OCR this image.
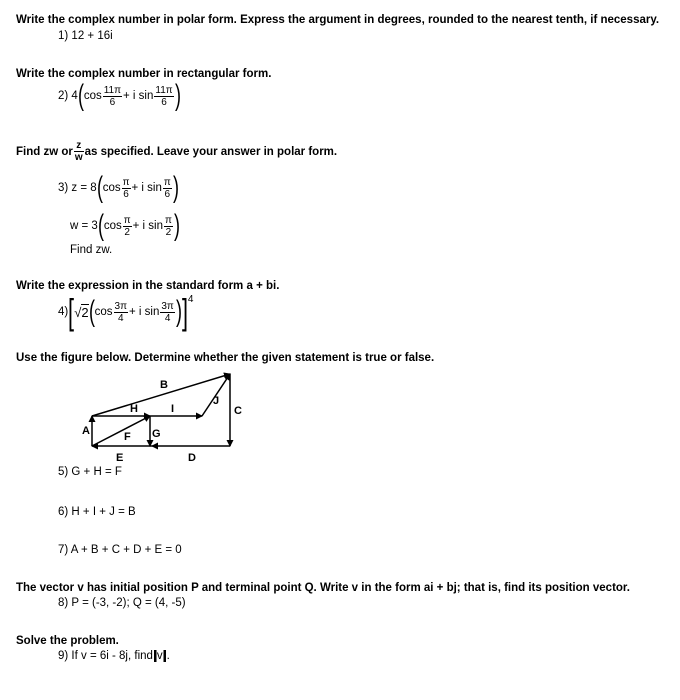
Write the complex number in polar form. Express the argument in degrees, rounded to the nearest tenth, if necessary.
1) 12 + 16i
Write the complex number in rectangular form.
2) 4 ( $\cos \frac{11\pi}{6} + i$ $\sin \frac{11\pi}{6}$ )
Find zw or $\frac{z}{w}$ as specified. Leave your answer in polar form.
3) z = 8 ( $\cos \frac{\pi}{6} + i$ $\sin \frac{\pi}{6}$ )
w = 3 ( $\cos \frac{\pi}{2} + i$ $\sin \frac{\pi}{2}$ )
Find zw.
Write the expression in the standard form a + bi.
4) [ √2 ( $\cos \frac{3\pi}{4} + i$ $\sin \frac{3\pi}{4}$ ) ] 4
Use the figure below. Determine whether the given statement is true or false.
A
B
C
D
E
F G
H	I
J
5) G + H = F
6) H + I + J = B
7) A + B + C + D + E = 0
The vector v has initial position P and terminal point Q. Write v in the form ai + bj; that is, find its position vector.
8) P = (-3, -2); Q = (4, -5)
Solve the problem.
9) If v = 6i - 8j, find v .
